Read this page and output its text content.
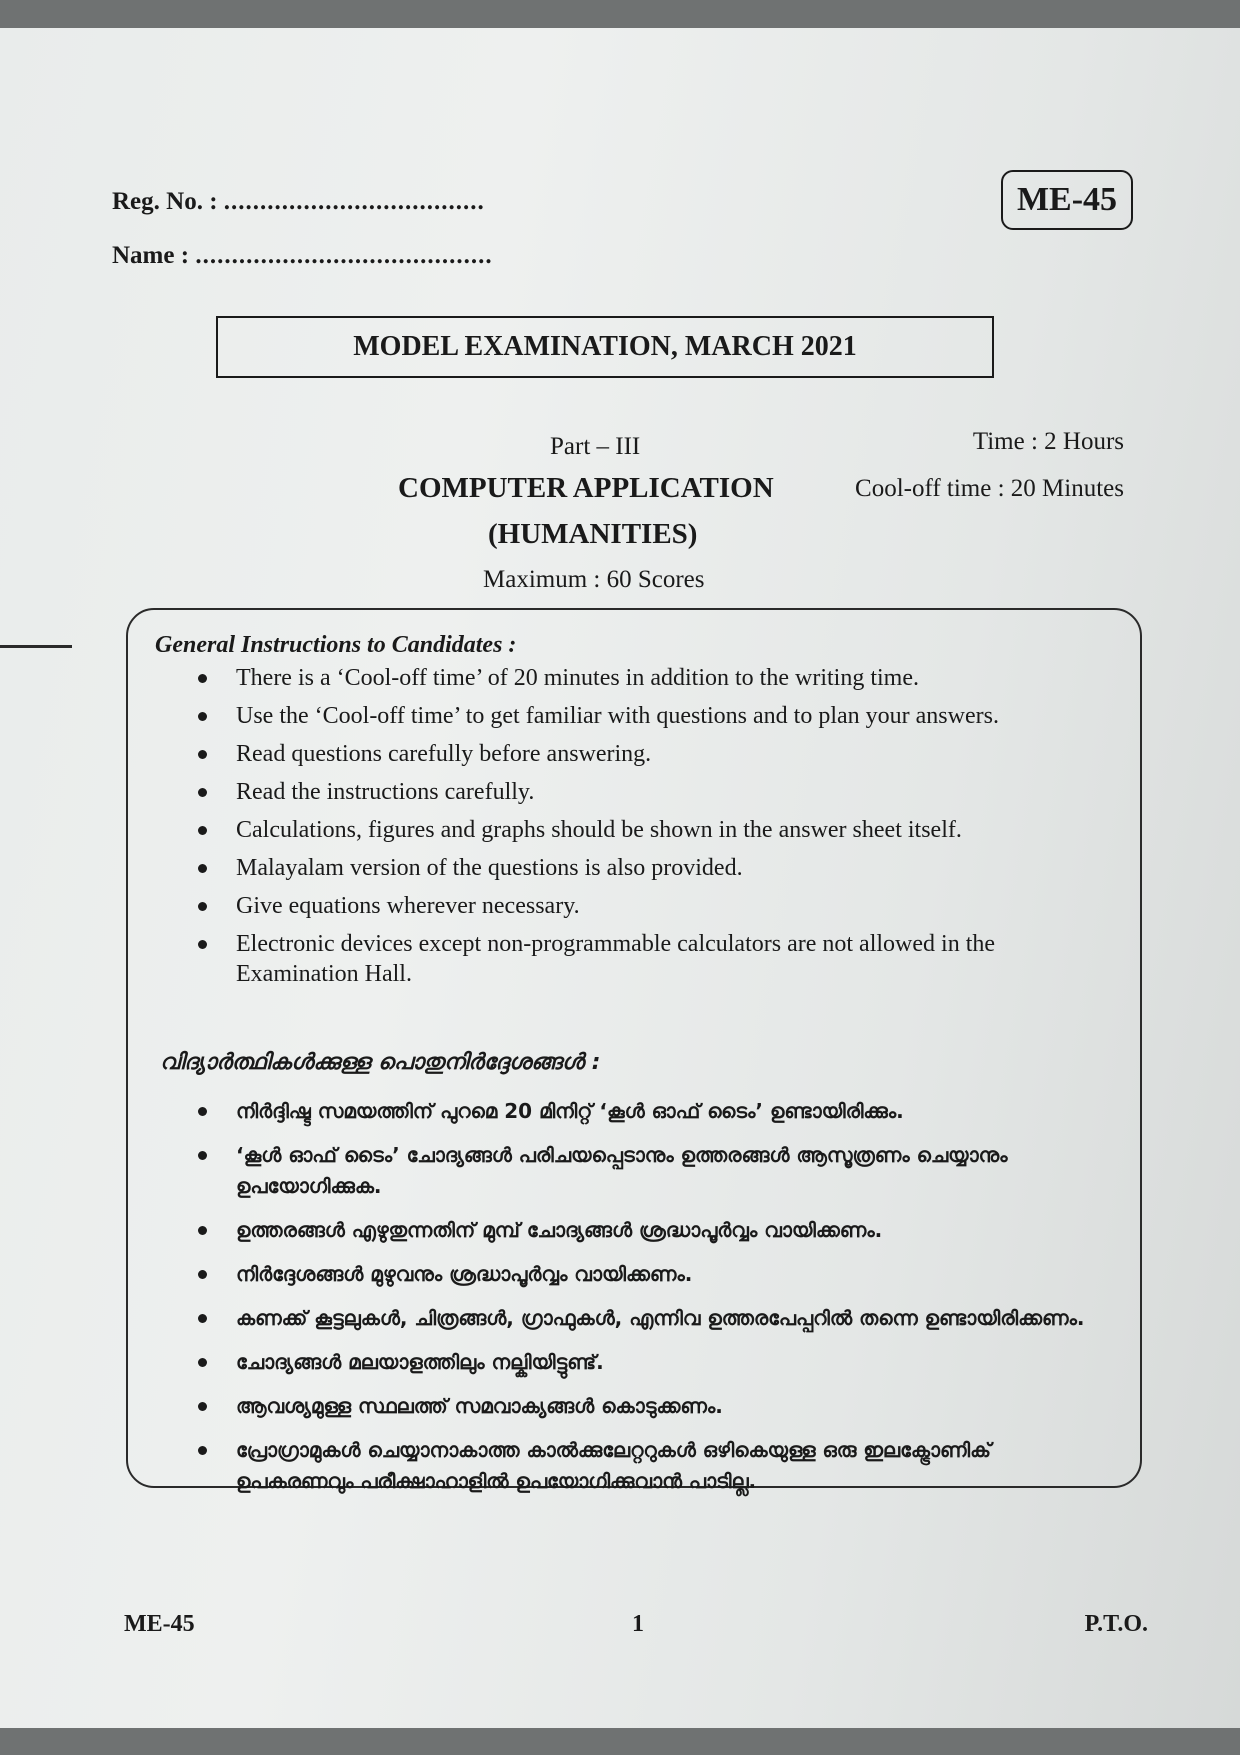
Reg. No. : ....................................
Name : .........................................
ME-45
MODEL EXAMINATION, MARCH 2021
Part – III	Time : 2 Hours
COMPUTER APPLICATION	Cool-off time : 20 Minutes
(HUMANITIES)
Maximum : 60 Scores
General Instructions to Candidates :
There is a ‘Cool-off time’ of 20 minutes in addition to the writing time.
Use the ‘Cool-off time’ to get familiar with questions and to plan your answers.
Read questions carefully before answering.
Read the instructions carefully.
Calculations, figures and graphs should be shown in the answer sheet itself.
Malayalam version of the questions is also provided.
Give equations wherever necessary.
Electronic devices except non-programmable calculators are not allowed in the Examination Hall.
വിദ്യാർത്ഥികൾക്കുള്ള പൊതുനിർദ്ദേശങ്ങൾ :
നിർദ്ദിഷ്ട സമയത്തിന് പുറമെ 20 മിനിറ്റ് ‘കൂൾ ഓഫ് ടൈം’ ഉണ്ടായിരിക്കും.
‘കൂൾ ഓഫ് ടൈം’ ചോദ്യങ്ങൾ പരിചയപ്പെടാനും ഉത്തരങ്ങൾ ആസൂത്രണം ചെയ്യാനും ഉപയോഗിക്കുക.
ഉത്തരങ്ങൾ എഴുതുന്നതിന് മുമ്പ് ചോദ്യങ്ങൾ ശ്രദ്ധാപൂർവ്വം വായിക്കണം.
നിർദ്ദേശങ്ങൾ മുഴുവനും ശ്രദ്ധാപൂർവ്വം വായിക്കണം.
കണക്ക് കൂട്ടലുകൾ, ചിത്രങ്ങൾ, ഗ്രാഫുകൾ, എന്നിവ ഉത്തരപേപ്പറിൽ തന്നെ ഉണ്ടായിരിക്കണം.
ചോദ്യങ്ങൾ മലയാളത്തിലും നല്കിയിട്ടുണ്ട്.
ആവശ്യമുള്ള സ്ഥലത്ത് സമവാക്യങ്ങൾ കൊടുക്കണം.
പ്രോഗ്രാമുകൾ ചെയ്യാനാകാത്ത കാൽക്കുലേറ്ററുകൾ ഒഴികെയുള്ള ഒരു ഇലക്ട്രോണിക് ഉപകരണവും പരീക്ഷാഹാളിൽ ഉപയോഗിക്കുവാൻ പാടില്ല.
ME-45	1	P.T.O.
